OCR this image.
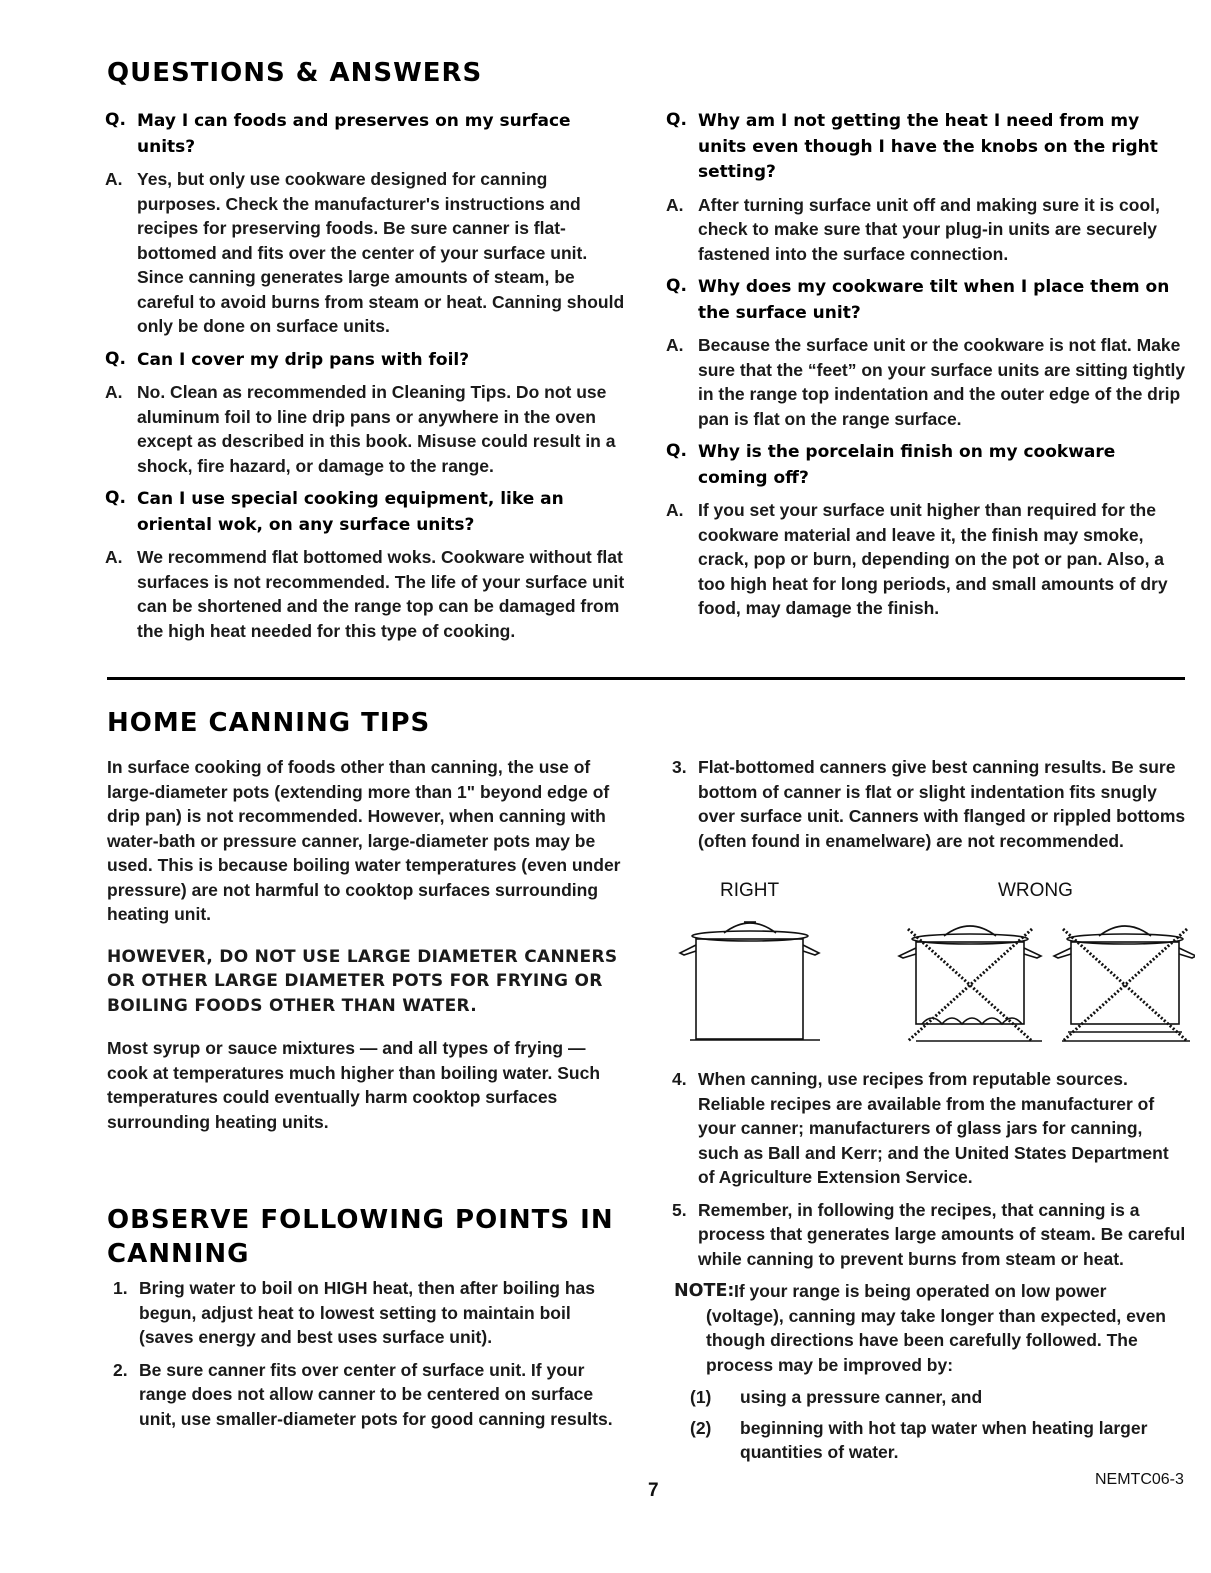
QUESTIONS & ANSWERS
Q. May I can foods and preserves on my surface units?
A. Yes, but only use cookware designed for canning purposes. Check the manufacturer's instructions and recipes for preserving foods. Be sure canner is flat-bottomed and fits over the center of your surface unit. Since canning generates large amounts of steam, be careful to avoid burns from steam or heat. Canning should only be done on surface units.
Q. Can I cover my drip pans with foil?
A. No. Clean as recommended in Cleaning Tips. Do not use aluminum foil to line drip pans or anywhere in the oven except as described in this book. Misuse could result in a shock, fire hazard, or damage to the range.
Q. Can I use special cooking equipment, like an oriental wok, on any surface units?
A. We recommend flat bottomed woks. Cookware without flat surfaces is not recommended. The life of your surface unit can be shortened and the range top can be damaged from the high heat needed for this type of cooking.
Q. Why am I not getting the heat I need from my units even though I have the knobs on the right setting?
A. After turning surface unit off and making sure it is cool, check to make sure that your plug-in units are securely fastened into the surface connection.
Q. Why does my cookware tilt when I place them on the surface unit?
A. Because the surface unit or the cookware is not flat. Make sure that the “feet” on your surface units are sitting tightly in the range top indentation and the outer edge of the drip pan is flat on the range surface.
Q. Why is the porcelain finish on my cookware coming off?
A. If you set your surface unit higher than required for the cookware material and leave it, the finish may smoke, crack, pop or burn, depending on the pot or pan. Also, a too high heat for long periods, and small amounts of dry food, may damage the finish.
HOME CANNING TIPS
In surface cooking of foods other than canning, the use of large-diameter pots (extending more than 1" beyond edge of drip pan) is not recommended. However, when canning with water-bath or pressure canner, large-diameter pots may be used. This is because boiling water temperatures (even under pressure) are not harmful to cooktop surfaces surrounding heating unit.
HOWEVER, DO NOT USE LARGE DIAMETER CANNERS OR OTHER LARGE DIAMETER POTS FOR FRYING OR BOILING FOODS OTHER THAN WATER.
Most syrup or sauce mixtures — and all types of frying — cook at temperatures much higher than boiling water. Such temperatures could eventually harm cooktop surfaces surrounding heating units.
OBSERVE FOLLOWING POINTS IN
CANNING
1. Bring water to boil on HIGH heat, then after boiling has begun, adjust heat to lowest setting to maintain boil (saves energy and best uses surface unit).
2. Be sure canner fits over center of surface unit. If your range does not allow canner to be centered on surface unit, use smaller-diameter pots for good canning results.
3. Flat-bottomed canners give best canning results. Be sure bottom of canner is flat or slight indentation fits snugly over surface unit. Canners with flanged or rippled bottoms (often found in enamelware) are not recommended.
RIGHT	WRONG
4. When canning, use recipes from reputable sources. Reliable recipes are available from the manufacturer of your canner; manufacturers of glass jars for canning, such as Ball and Kerr; and the United States Department of Agriculture Extension Service.
5. Remember, in following the recipes, that canning is a process that generates large amounts of steam. Be careful while canning to prevent burns from steam or heat.
NOTE: If your range is being operated on low power (voltage), canning may take longer than expected, even though directions have been carefully followed. The process may be improved by:
(1) using a pressure canner, and
(2) beginning with hot tap water when heating larger quantities of water.
7
NEMTC06-3
